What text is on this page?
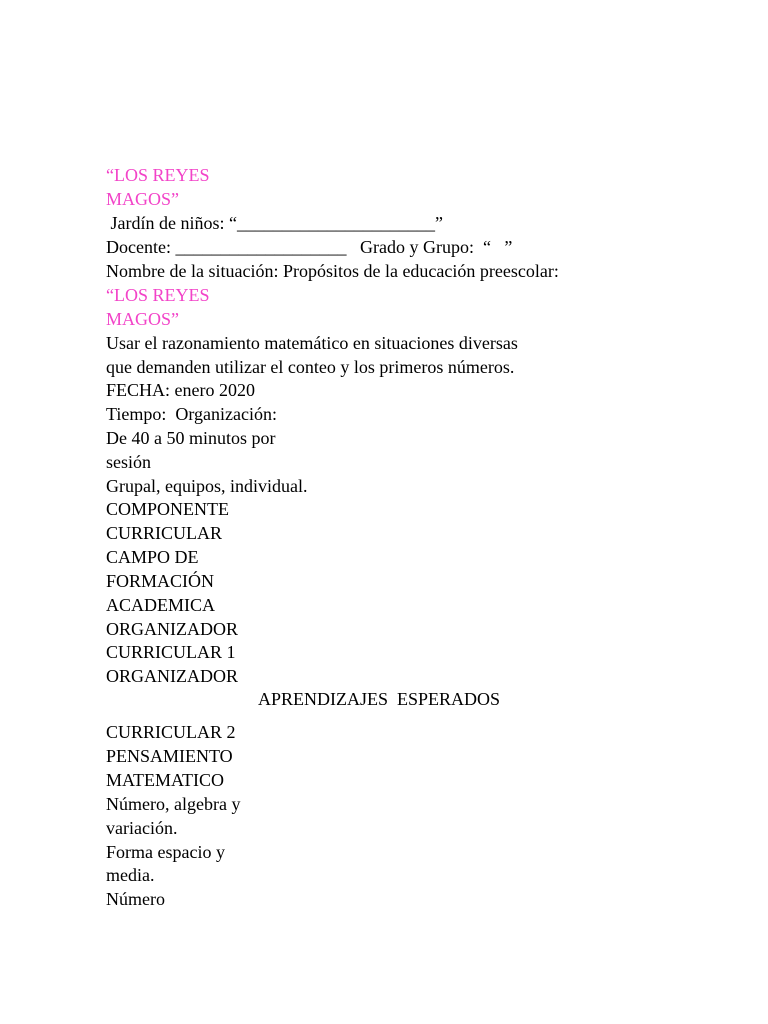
“LOS REYES
MAGOS”
Jardín de niños: “______________________”
Docente: ___________________   Grado y Grupo:  “   ”
Nombre de la situación: Propósitos de la educación preescolar:
“LOS REYES
MAGOS”
Usar el razonamiento matemático en situaciones diversas
que demanden utilizar el conteo y los primeros números.
FECHA: enero 2020
Tiempo:  Organización:
De 40 a 50 minutos por
sesión
Grupal, equipos, individual.
COMPONENTE
CURRICULAR
CAMPO DE
FORMACIÓN
ACADEMICA
ORGANIZADOR
CURRICULAR 1
ORGANIZADOR
APRENDIZAJES  ESPERADOS
CURRICULAR 2
PENSAMIENTO
MATEMATICO
Número, algebra y
variación.
Forma espacio y
media.
Número
